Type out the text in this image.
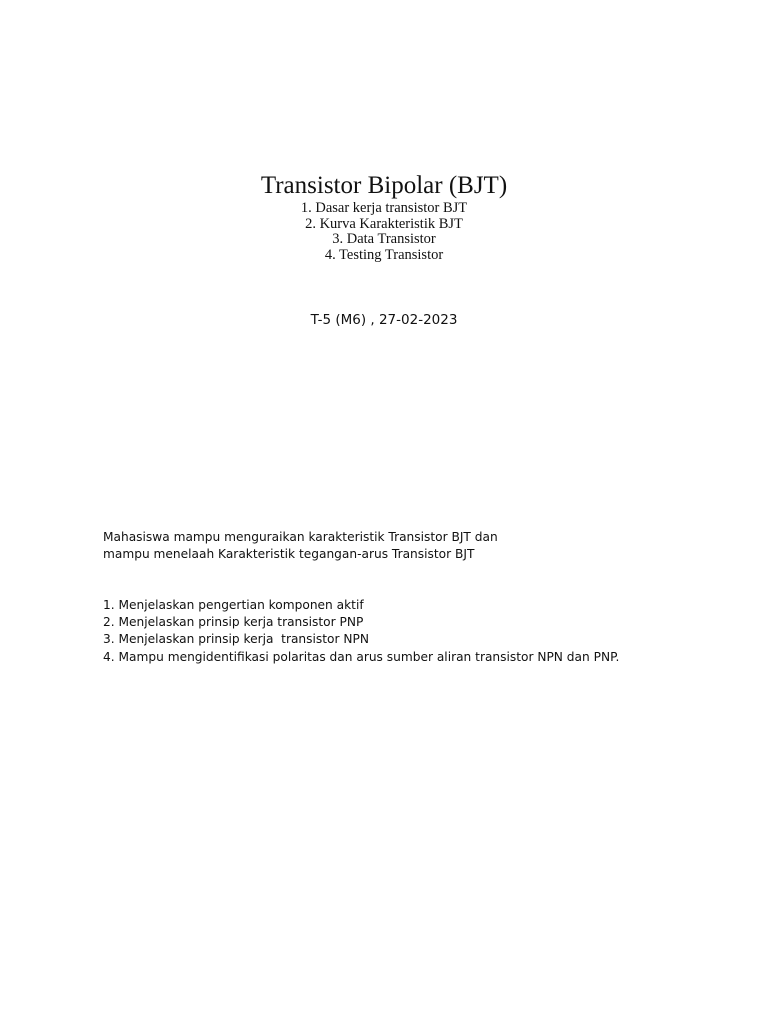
Transistor Bipolar (BJT)
1. Dasar kerja transistor BJT
2. Kurva Karakteristik BJT
3. Data Transistor
4. Testing Transistor
T-5 (M6) , 27-02-2023

Mahasiswa mampu menguraikan karakteristik Transistor BJT dan

mampu menelaah Karakteristik tegangan-arus Transistor BJT

1. Menjelaskan pengertian komponen aktif
2. Menjelaskan prinsip kerja transistor PNP
3. Menjelaskan prinsip kerja  transistor NPN
4. Mampu mengidentifikasi polaritas dan arus sumber aliran transistor NPN dan PNP.
